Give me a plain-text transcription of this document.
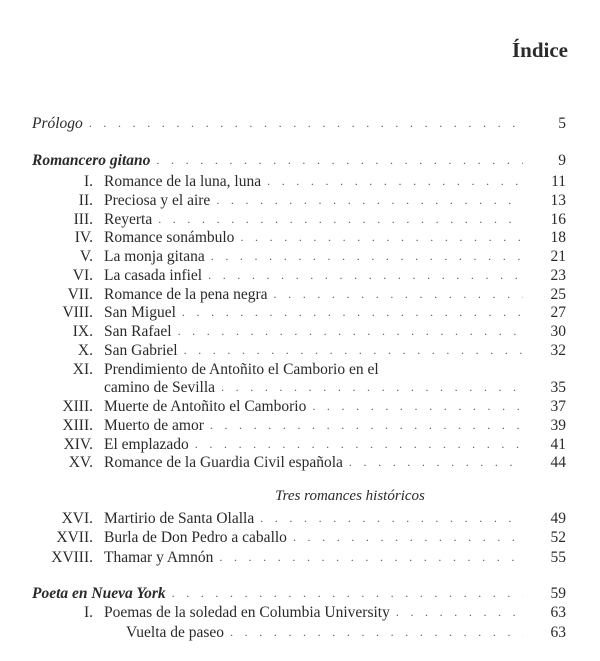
Índice
Prólogo . . .	5
Romancero gitano . . .	9
I. Romance de la luna, luna . . .	11
II. Preciosa y el aire . . .	13
III. Reyerta . . .	16
IV. Romance sonámbulo . . .	18
V. La monja gitana . . .	21
VI. La casada infiel . . .	23
VII. Romance de la pena negra . . .	25
VIII. San Miguel . . .	27
IX. San Rafael . . .	30
X. San Gabriel . . .	32
XI. Prendimiento de Antoñito el Camborio en el
camino de Sevilla . . .	35
XIII. Muerte de Antoñito el Camborio . . .	37
XIII. Muerto de amor . . .	39
XIV. El emplazado . . .	41
XV. Romance de la Guardia Civil española . . .	44
Tres romances históricos
XVI. Martirio de Santa Olalla . . .	49
XVII. Burla de Don Pedro a caballo . . .	52
XVIII. Thamar y Amnón . . .	55
Poeta en Nueva York . . .	59
I. Poemas de la soledad en Columbia University . . .	63
Vuelta de paseo . . .	63
